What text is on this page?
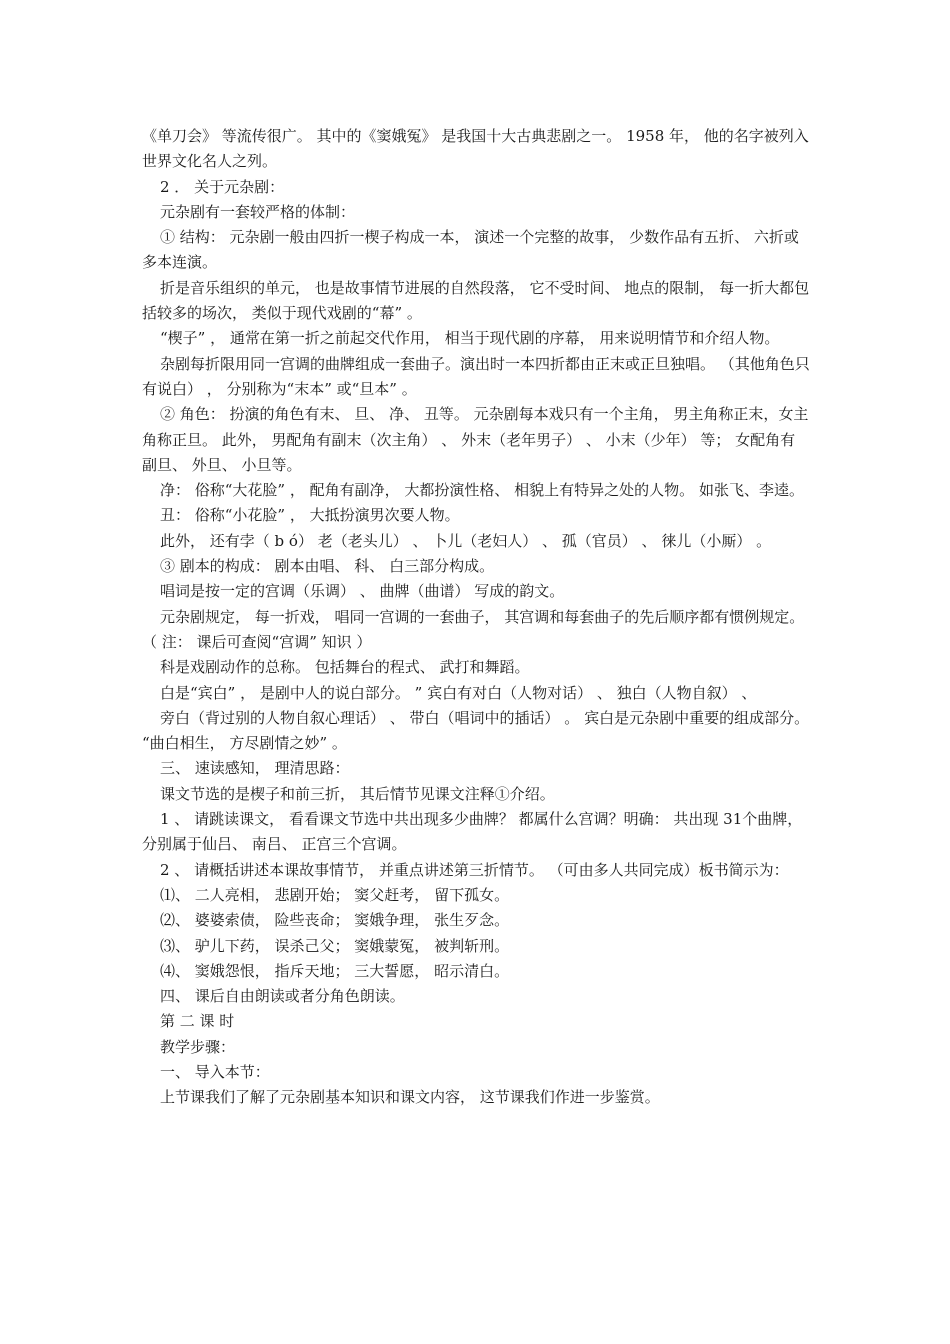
《单刀会》 等流传很广。 其中的《窦娥冤》 是我国十大古典悲剧之一。 1958 年， 他的名字被列入世界文化名人之列。

2 ． 关于元杂剧：

元杂剧有一套较严格的体制：

① 结构： 元杂剧一般由四折一楔子构成一本， 演述一个完整的故事， 少数作品有五折、 六折或多本连演。

折是音乐组织的单元， 也是故事情节进展的自然段落， 它不受时间、 地点的限制， 每一折大都包括较多的场次， 类似于现代戏剧的“幕” 。

“楔子” ， 通常在第一折之前起交代作用， 相当于现代剧的序幕， 用来说明情节和介绍人物。

杂剧每折限用同一宫调的曲牌组成一套曲子。演出时一本四折都由正末或正旦独唱。 （其他角色只有说白） ， 分别称为“末本” 或“旦本” 。

② 角色： 扮演的角色有末、 旦、 净、 丑等。 元杂剧每本戏只有一个主角， 男主角称正末，女主角称正旦。 此外， 男配角有副末（次主角） 、 外末（老年男子） 、 小末（少年） 等； 女配角有副旦、 外旦、 小旦等。

净： 俗称“大花脸” ， 配角有副净， 大都扮演性格、 相貌上有特异之处的人物。 如张飞、李逵。

丑： 俗称“小花脸” ， 大抵扮演男次要人物。

此外， 还有孛（ b ó） 老（老头儿） 、 卜儿（老妇人） 、 孤（官员） 、 徕儿（小厮） 。

③ 剧本的构成： 剧本由唱、 科、 白三部分构成。

唱词是按一定的宫调（乐调） 、 曲牌（曲谱） 写成的韵文。

元杂剧规定， 每一折戏， 唱同一宫调的一套曲子， 其宫调和每套曲子的先后顺序都有惯例规定。 （ 注： 课后可查阅“宫调” 知识 ）

科是戏剧动作的总称。 包括舞台的程式、 武打和舞蹈。

白是“宾白” ， 是剧中人的说白部分。 ” 宾白有对白（人物对话） 、 独白（人物自叙） 、

旁白（背过别的人物自叙心理话） 、 带白（唱词中的插话） 。 宾白是元杂剧中重要的组成部分。 “曲白相生， 方尽剧情之妙” 。

三、 速读感知， 理清思路：

课文节选的是楔子和前三折， 其后情节见课文注释①介绍。

1 、 请跳读课文， 看看课文节选中共出现多少曲牌？ 都属什么宫调？明确： 共出现 31个曲牌， 分别属于仙吕、 南吕、 正宫三个宫调。

2 、 请概括讲述本课故事情节， 并重点讲述第三折情节。 （可由多人共同完成）板书简示为：

⑴、 二人亮相， 悲剧开始； 窦父赶考， 留下孤女。

⑵、 婆婆索债， 险些丧命； 窦娥争理， 张生歹念。

⑶、 驴儿下药， 误杀己父； 窦娥蒙冤， 被判斩刑。

⑷、 窦娥怨恨， 指斥天地； 三大誓愿， 昭示清白。

四、 课后自由朗读或者分角色朗读。

第 二 课 时

教学步骤：

一、 导入本节：

上节课我们了解了元杂剧基本知识和课文内容， 这节课我们作进一步鉴赏。
